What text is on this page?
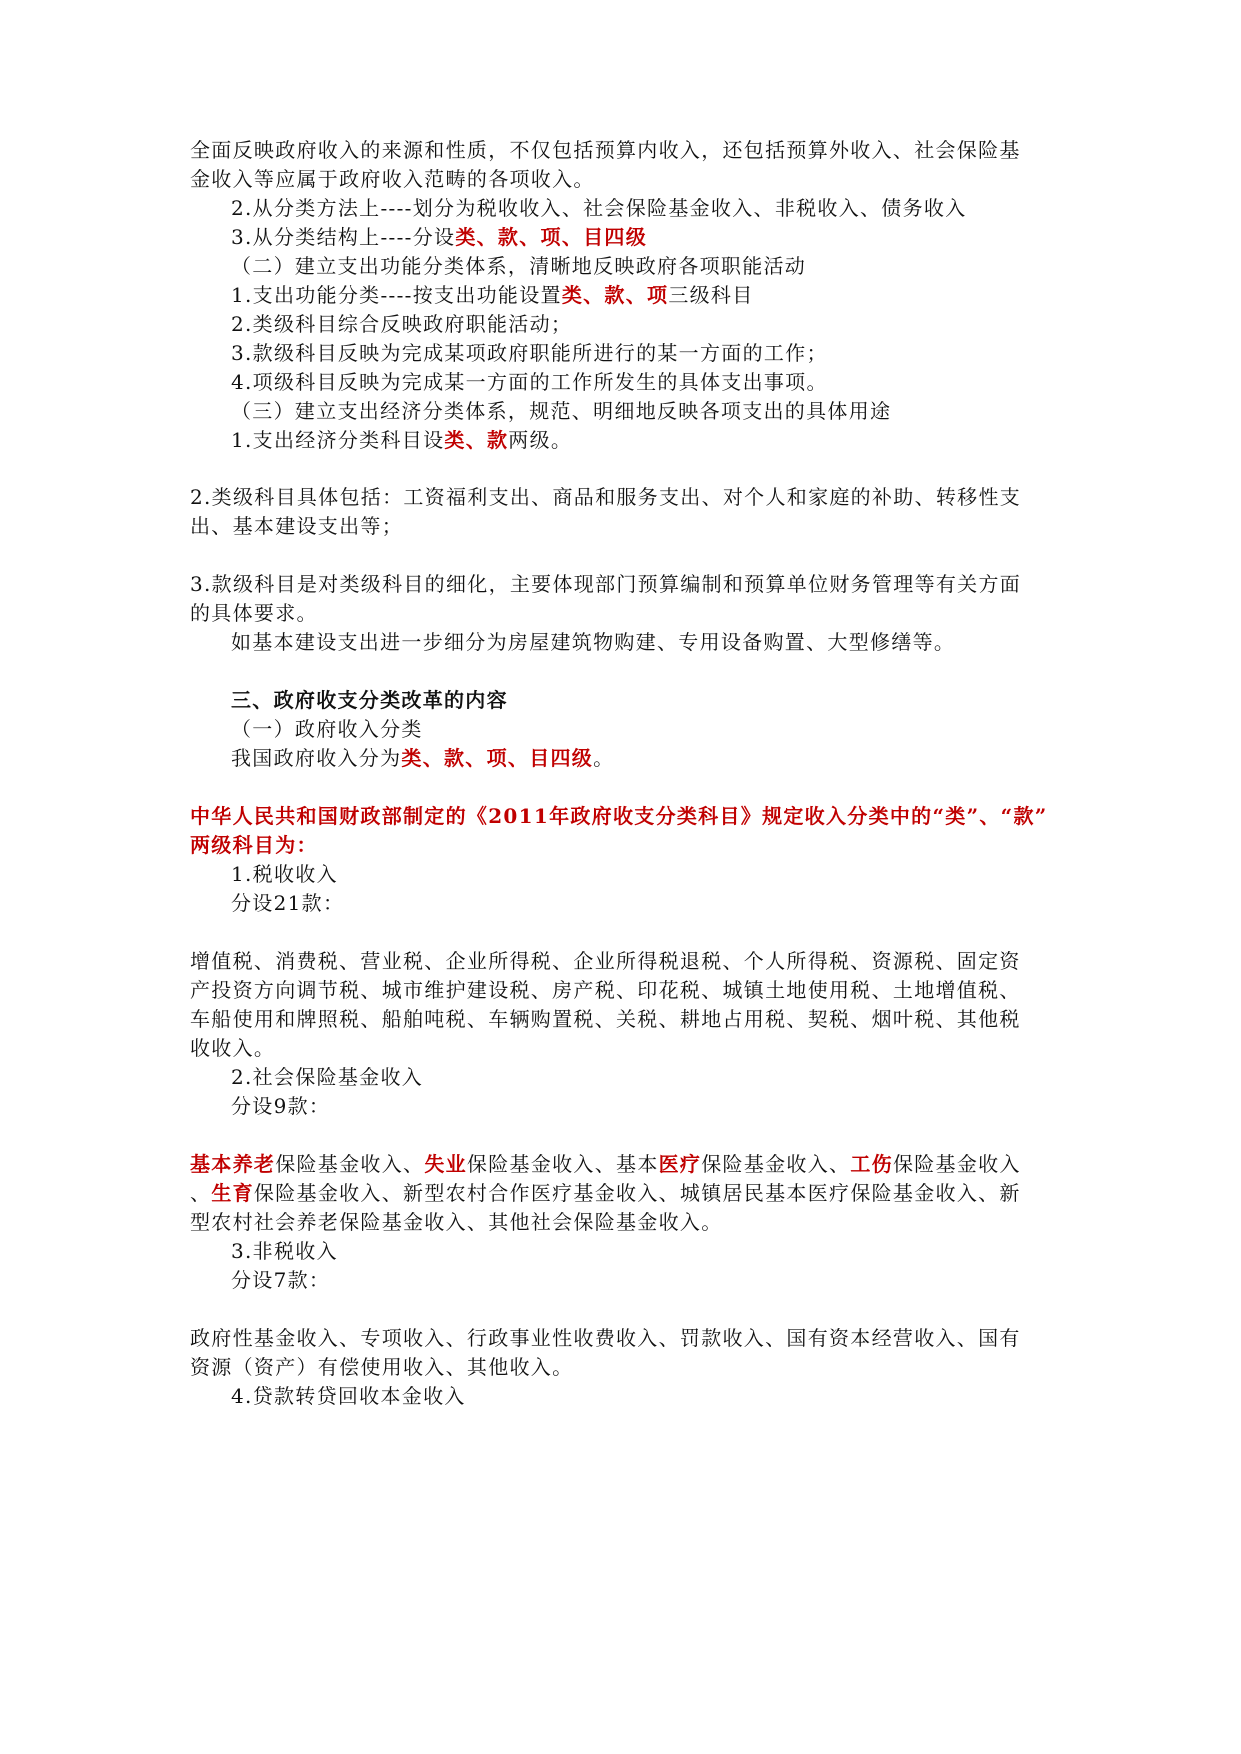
全面反映政府收入的来源和性质，不仅包括预算内收入，还包括预算外收入、社会保险基
金收入等应属于政府收入范畴的各项收入。
2.从分类方法上----划分为税收收入、社会保险基金收入、非税收入、债务收入
3.从分类结构上----分设类、款、项、目四级
（二）建立支出功能分类体系，清晰地反映政府各项职能活动
1.支出功能分类----按支出功能设置类、款、项三级科目
2.类级科目综合反映政府职能活动；
3.款级科目反映为完成某项政府职能所进行的某一方面的工作；
4.项级科目反映为完成某一方面的工作所发生的具体支出事项。
（三）建立支出经济分类体系，规范、明细地反映各项支出的具体用途
1.支出经济分类科目设类、款两级。
2.类级科目具体包括：工资福利支出、商品和服务支出、对个人和家庭的补助、转移性支
出、基本建设支出等；
3.款级科目是对类级科目的细化，主要体现部门预算编制和预算单位财务管理等有关方面
的具体要求。
如基本建设支出进一步细分为房屋建筑物购建、专用设备购置、大型修缮等。
三、政府收支分类改革的内容
（一）政府收入分类
我国政府收入分为类、款、项、目四级。
中华人民共和国财政部制定的《2011年政府收支分类科目》规定收入分类中的“类”、“款”
两级科目为：
1.税收收入
分设21款：
增值税、消费税、营业税、企业所得税、企业所得税退税、个人所得税、资源税、固定资
产投资方向调节税、城市维护建设税、房产税、印花税、城镇土地使用税、土地增值税、
车船使用和牌照税、船舶吨税、车辆购置税、关税、耕地占用税、契税、烟叶税、其他税
收收入。
2.社会保险基金收入
分设9款：
基本养老保险基金收入、失业保险基金收入、基本医疗保险基金收入、工伤保险基金收入
、生育保险基金收入、新型农村合作医疗基金收入、城镇居民基本医疗保险基金收入、新
型农村社会养老保险基金收入、其他社会保险基金收入。
3.非税收入
分设7款：
政府性基金收入、专项收入、行政事业性收费收入、罚款收入、国有资本经营收入、国有
资源（资产）有偿使用收入、其他收入。
4.贷款转贷回收本金收入
